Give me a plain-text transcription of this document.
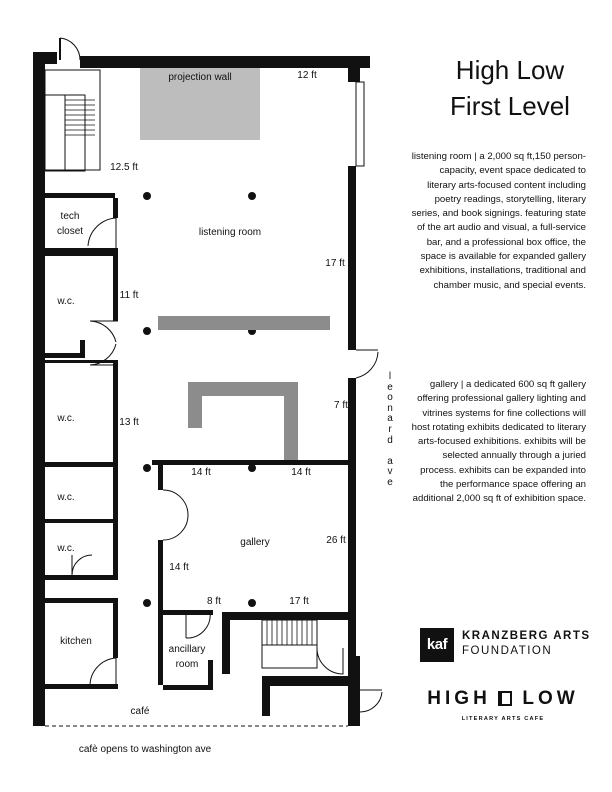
projection wall	12 ft
12.5 ft
tech
closet	listening room
17 ft
w.c.
11 ft
w.c.	13 ft
7 ft
14 ft	14 ft
gallery	26 ft
14 ft
8 ft	17 ft
w.c.
w.c.
kitchen
ancillary
room
café
cafè opens to washington ave
l
e
o
n
a
r
d

a
v
e
High Low
First Level
listening room | a 2,000 sq ft,150 person-capacity, event space dedicated to literary arts-focused content including poetry readings, storytelling, literary series, and book signings. featuring state of the art audio and visual, a full-service bar, and a professional box office, the space is available for expanded gallery exhibitions, installations, traditional and chamber music, and special events.
gallery | a dedicated 600 sq ft gallery offering professional gallery lighting and vitrines systems for fine collections will host rotating exhibits dedicated to literary arts-focused exhibitions. exhibits will be selected annually through a juried process. exhibits can be expanded into the performance space offering an additional 2,000 sq ft of exhibition space.
kaf	KRANZBERG ARTS
FOUNDATION
HIGH LOW
LITERARY ARTS CAFE
